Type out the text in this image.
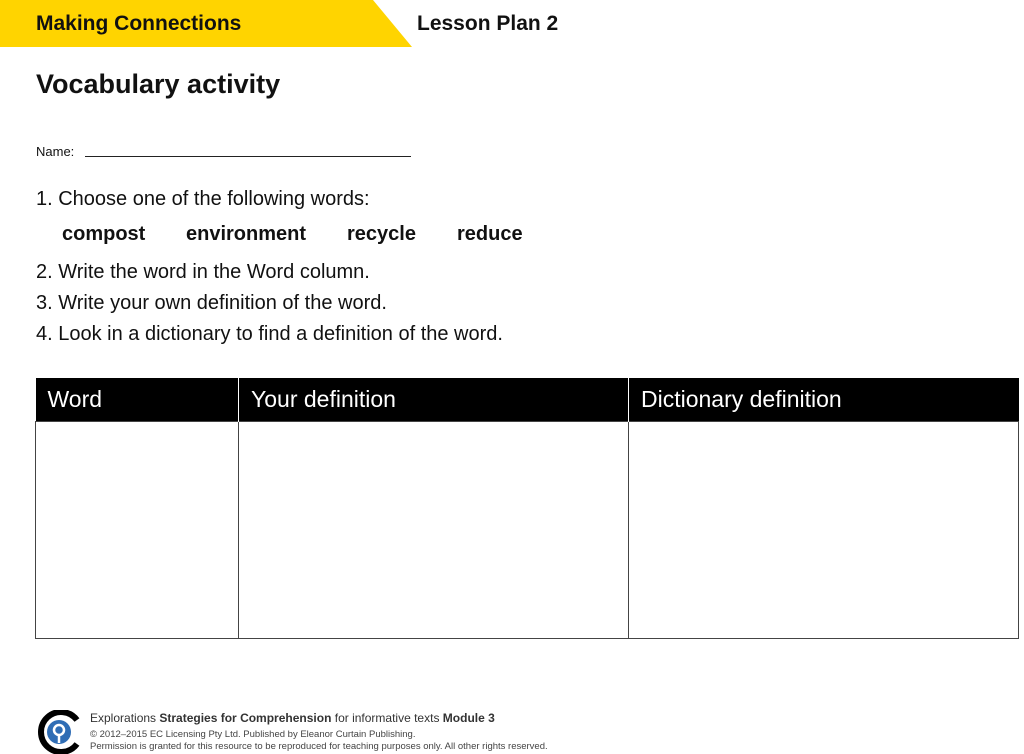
Making Connections	Lesson Plan 2
Vocabulary activity
Name:
1. Choose one of the following words:
compost environment recycle reduce
2. Write the word in the Word column.
3. Write your own definition of the word.
4. Look in a dictionary to find a definition of the word.
Word	Your definition	Dictionary definition

Explorations Strategies for Comprehension for informative texts Module 3
© 2012–2015 EC Licensing Pty Ltd. Published by Eleanor Curtain Publishing.
Permission is granted for this resource to be reproduced for teaching purposes only. All other rights reserved.
